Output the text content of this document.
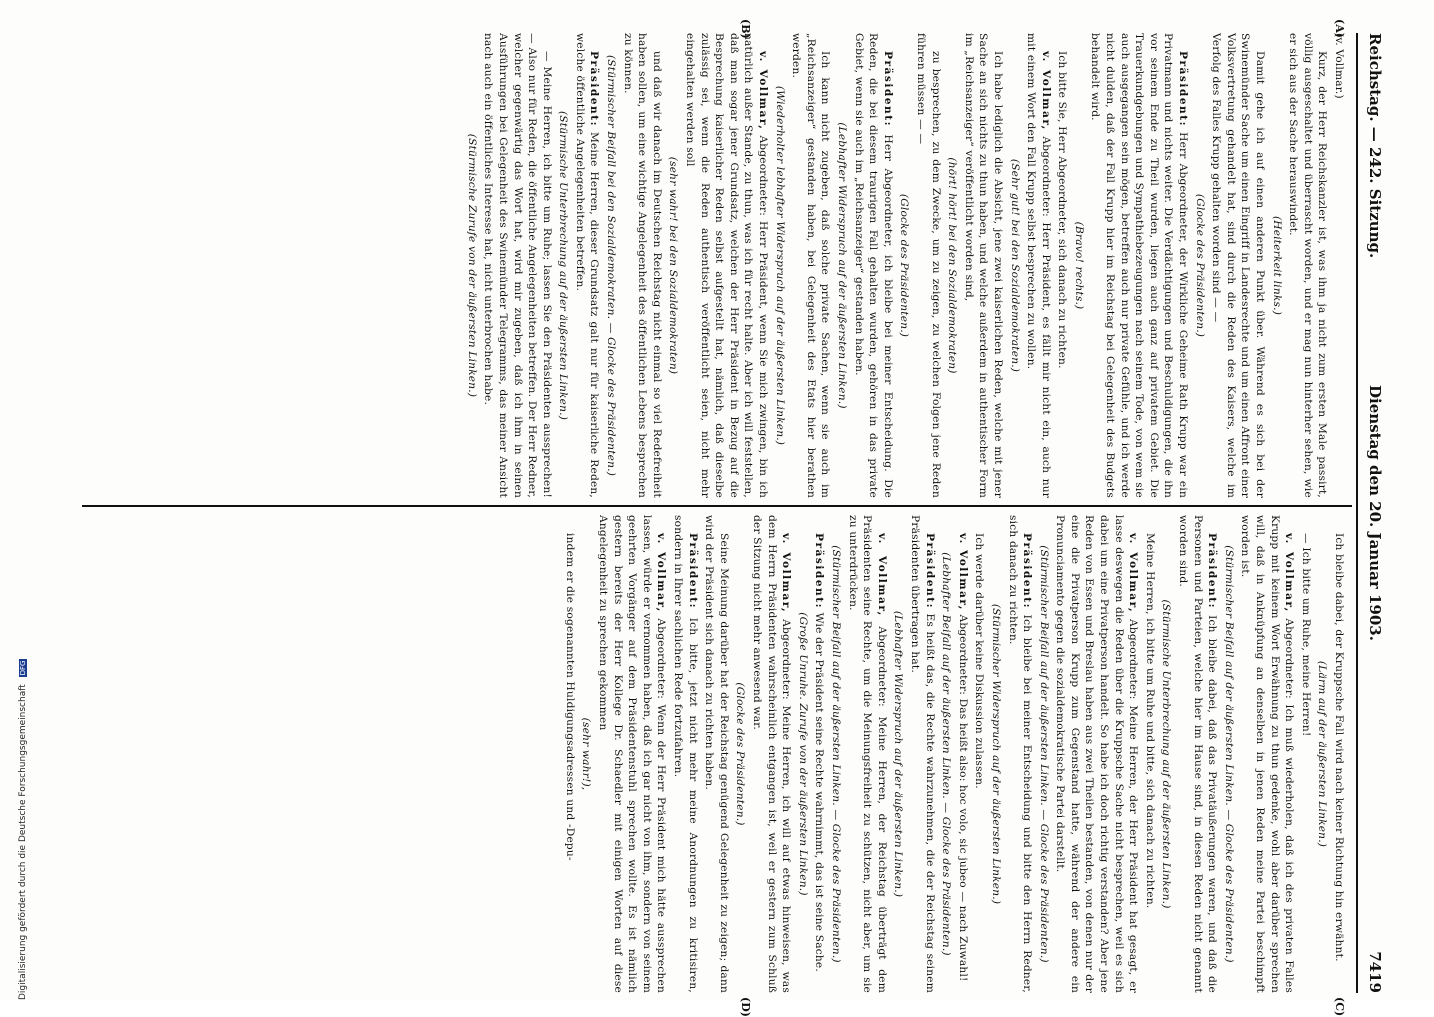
Reichstag. — 242. Sitzung.
Dienstag den 20. Januar 1903.
7419
(A)
(B)
(C)
(D)

(v. Vollmar.)

Kurz, der Herr Reichskanzler ist, was ihm ja nicht zum ersten Male passirt, völlig ausgeschaltet und überrascht worden, und er mag nun hinterher sehen, wie er sich aus der Sache herauswindet.

(Heiterkeit links.)

Damit gehe ich auf einen anderen Punkt über. Während es sich bei der Swinemünder Sache um einen Eingriff in Landesrechte und um einen Affront einer Volksvertretung gehandelt hat, sind durch die Reden des Kaisers, welche im Verfolg des Falles Krupp gehalten worden sind — —

(Glocke des Präsidenten.)

Präsident: Herr Abgeordneter, der Wirkliche Geheime Rath Krupp war ein Privatmann und nichts weiter. Die Verdächtigungen und Beschuldigungen, die ihn vor seinem Ende zu Theil wurden, liegen auch ganz auf privatem Gebiet. Die Trauerkundgebungen und Sympathiebezeugungen nach seinem Tode, von wem sie auch ausgegangen sein mögen, betreffen auch nur private Gefühle, und ich werde nicht dulden, daß der Fall Krupp hier im Reichstag bei Gelegenheit des Budgets behandelt wird.

(Bravo! rechts.)

Ich bitte Sie, Herr Abgeordneter, sich danach zu richten.

v. Vollmar, Abgeordneter: Herr Präsident, es fällt mir nicht ein, auch nur mit einem Wort den Fall Krupp selbst besprechen zu wollen.

(Sehr gut! bei den Sozialdemokraten.)

Ich habe lediglich die Absicht, jene zwei kaiserlichen Reden, welche mit jener Sache an sich nichts zu thun haben, und welche außerdem in authentischer Form im „Reichsanzeiger“ veröffentlicht worden sind,

(hört! hört! bei den Sozialdemokraten)

zu besprechen, zu dem Zwecke, um zu zeigen, zu welchen Folgen jene Reden führen müssen — —

(Glocke des Präsidenten.)

Präsident: Herr Abgeordneter, ich bleibe bei meiner Entscheidung. Die Reden, die bei diesem traurigen Fall gehalten wurden, gehören in das private Gebiet, wenn sie auch im „Reichsanzeiger“ gestanden haben.

(Lebhafter Widerspruch auf der äußersten Linken.)

Ich kann nicht zugeben, daß solche private Sachen, wenn sie auch im „Reichsanzeiger“ gestanden haben, bei Gelegenheit des Etats hier berathen werden.

(Wiederholter lebhafter Widerspruch auf der äußersten Linken.)

v. Vollmar, Abgeordneter: Herr Präsident, wenn Sie mich zwingen, bin ich natürlich außer Stande, zu thun, was ich für recht halte. Aber ich will feststellen, daß man sogar jener Grundsatz, welchen der Herr Präsident in Bezug auf die Besprechung kaiserlicher Reden selbst aufgestellt hat, nämlich, daß dieselbe zulässig sei, wenn die Reden authentisch veröffentlicht seien, nicht mehr eingehalten werden soll

(sehr wahr! bei den Sozialdemokraten)

und daß wir danach im Deutschen Reichstag nicht einmal so viel Redefreiheit haben sollen, um eine wichtige Angelegenheit des öffentlichen Lebens besprechen zu können.

(Stürmischer Beifall bei den Sozialdemokraten. — Glocke des Präsidenten.)

Präsident: Meine Herren, dieser Grundsatz galt nur für kaiserliche Reden, welche öffentliche Angelegenheiten betreffen.

(Stürmische Unterbrechung auf der äußersten Linken.)

— Meine Herren, ich bitte um Ruhe; lassen Sie den Präsidenten aussprechen! — Also nur für Reden, die öffentliche Angelegenheiten betreffen. Der Herr Redner, welcher gegenwärtig das Wort hat, wird mir zugeben, daß ich ihm in seinen Ausführungen bei Gelegenheit des Swinemünder Telegramms, das meiner Ansicht nach auch ein öffentliches Interesse hat, nicht unterbrochen habe.

(Stürmische Zurufe von der äußersten Linken.)

Ich bleibe dabei, der Kruppsche Fall wird nach keiner Richtung hin erwähnt.

(Lärm auf der äußersten Linken.)

— Ich bitte um Ruhe, meine Herren!

v. Vollmar, Abgeordneter: Ich muß wiederholen, daß ich des privaten Falles Krupp mit keinem Wort Erwähnung zu thun gedenke, wohl aber darüber sprechen will, daß in Anknüpfung an denselben in jenen Reden meine Partei beschimpft worden ist.

(Stürmischer Beifall auf der äußersten Linken. — Glocke des Präsidenten.)

Präsident: Ich bleibe dabei, daß das Privatäußerungen waren, und daß die Personen und Parteien, welche hier im Hause sind, in diesen Reden nicht genannt worden sind.

(Stürmische Unterbrechung auf der äußersten Linken.)

Meine Herren, ich bitte um Ruhe und bitte, sich danach zu richten.

v. Vollmar, Abgeordneter: Meine Herren, der Herr Präsident hat gesagt, er lasse deswegen die Reden über die Kruppsche Sache nicht besprechen, weil es sich dabei um eine Privatperson handelt. So habe ich doch richtig verstanden? Aber jene Reden von Essen und Breslau haben aus zwei Theilen bestanden, von denen nur der eine die Privatperson Krupp zum Gegenstand hatte, während der andere ein Pronunciamento gegen die sozialdemokratische Partei darstellt.

(Stürmischer Beifall auf der äußersten Linken. — Glocke des Präsidenten.)

Präsident: Ich bleibe bei meiner Entscheidung und bitte den Herrn Redner, sich danach zu richten.

(Stürmischer Widerspruch auf der äußersten Linken.)

Ich werde darüber keine Diskussion zulassen.

v. Vollmar, Abgeordneter: Das heißt also: hoc volo, sic jubeo — nach Zuwahl!

(Lebhafter Beifall auf der äußersten Linken. — Glocke des Präsidenten.)

Präsident: Es heißt das, die Rechte wahrzunehmen, die der Reichstag seinem Präsidenten übertragen hat.

(Lebhafter Widerspruch auf der äußersten Linken.)

v. Vollmar, Abgeordneter: Meine Herren, der Reichstag überträgt dem Präsidenten seine Rechte, um die Meinungsfreiheit zu schützen, nicht aber, um sie zu unterdrücken.

(Stürmischer Beifall auf der äußersten Linken. — Glocke des Präsidenten.)

Präsident: Wie der Präsident seine Rechte wahrnimmt, das ist seine Sache.

(Große Unruhe. Zurufe von der äußersten Linken.)

v. Vollmar, Abgeordneter: Meine Herren, ich will auf etwas hinweisen, was dem Herrn Präsidenten wahrscheinlich entgangen ist, weil er gestern zum Schluß der Sitzung nicht mehr anwesend war.

(Glocke des Präsidenten.)

Seine Meinung darüber hat der Reichstag genügend Gelegenheit zu zeigen; dann wird der Präsident sich danach zu richten haben.

Präsident: Ich bitte, jetzt nicht mehr meine Anordnungen zu kritisiren, sondern in Ihrer sachlichen Rede fortzufahren.

v. Vollmar, Abgeordneter: Wenn der Herr Präsident mich hätte aussprechen lassen, würde er vernommen haben, daß ich gar nicht von ihm, sondern von seinem geehrten Vorgänger auf dem Präsidentenstuhl sprechen wollte. Es ist nämlich gestern bereits der Herr Kollege Dr. Schaedler mit einigen Worten auf diese Angelegenheit zu sprechen gekommen

(sehr wahr!),

indem er die sogenannten Huldigungsadressen und -Depu-

Digitalisierung gefördert durch die Deutsche Forschungsgemeinschaft DFG
